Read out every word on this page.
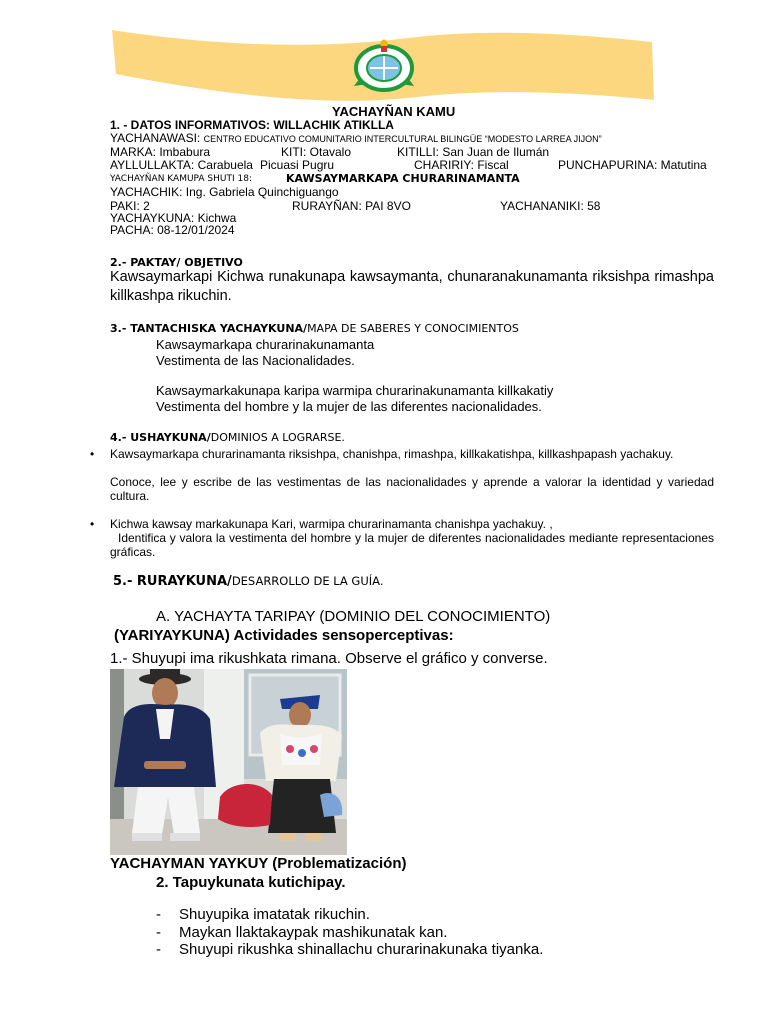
YACHAYÑAN KAMU
1. - DATOS INFORMATIVOS: WILLACHIK ATIKLLA
YACHANAWASI: CENTRO EDUCATIVO COMUNITARIO INTERCULTURAL BILINGÜE “MODESTO LARREA JIJON”
MARKA: Imbabura	KITI: Otavalo	KITILLI: San Juan de Ilumán
AYLLULLAKTA: Carabuela Picuasi Pugru	CHARIRIY: Fiscal	PUNCHAPURINA: Matutina
YACHAYÑAN KAMUPA SHUTI 18:	KAWSAYMARKAPA CHURARINAMANTA
YACHACHIK: Ing. Gabriela Quinchiguango
PAKI: 2	RURAYÑAN: PAI 8VO	YACHANANIKI: 58
YACHAYKUNA: Kichwa
PACHA: 08-12/01/2024
2.- PAKTAY/ OBJETIVO
Kawsaymarkapi Kichwa runakunapa kawsaymanta, chunaranakunamanta riksishpa rimashpa killkashpa rikuchin.
3.- TANTACHISKA YACHAYKUNA/MAPA DE SABERES Y CONOCIMIENTOS
Kawsaymarkapa churarinakunamanta
Vestimenta de las Nacionalidades.
Kawsaymarkakunapa karipa warmipa churarinakunamanta killkakatiy
Vestimenta del hombre y la mujer de las diferentes nacionalidades.
4.- USHAYKUNA/DOMINIOS A LOGRARSE.
• Kawsaymarkapa churarinamanta riksishpa, chanishpa, rimashpa, killkakatishpa, killkashpapash yachakuy.
Conoce, lee y escribe de las vestimentas de las nacionalidades y aprende a valorar la identidad y variedad cultura.
• Kichwa kawsay markakunapa Kari, warmipa churarinamanta chanishpa yachakuy. ,
Identifica y valora la vestimenta del hombre y la mujer de diferentes nacionalidades mediante representaciones gráficas.
5.- RURAYKUNA/DESARROLLO DE LA GUÍA.
A. YACHAYTA TARIPAY (DOMINIO DEL CONOCIMIENTO)
(YARIYAYKUNA) Actividades sensoperceptivas:
1.- Shuyupi ima rikushkata rimana. Observe el gráfico y converse.
YACHAYMAN YAYKUY (Problematización)
2. Tapuykunata kutichipay.
- Shuyupika imatatak rikuchin.
- Maykan llaktakaypak mashikunatak kan.
- Shuyupi rikushka shinallachu churarinakunaka tiyanka.
